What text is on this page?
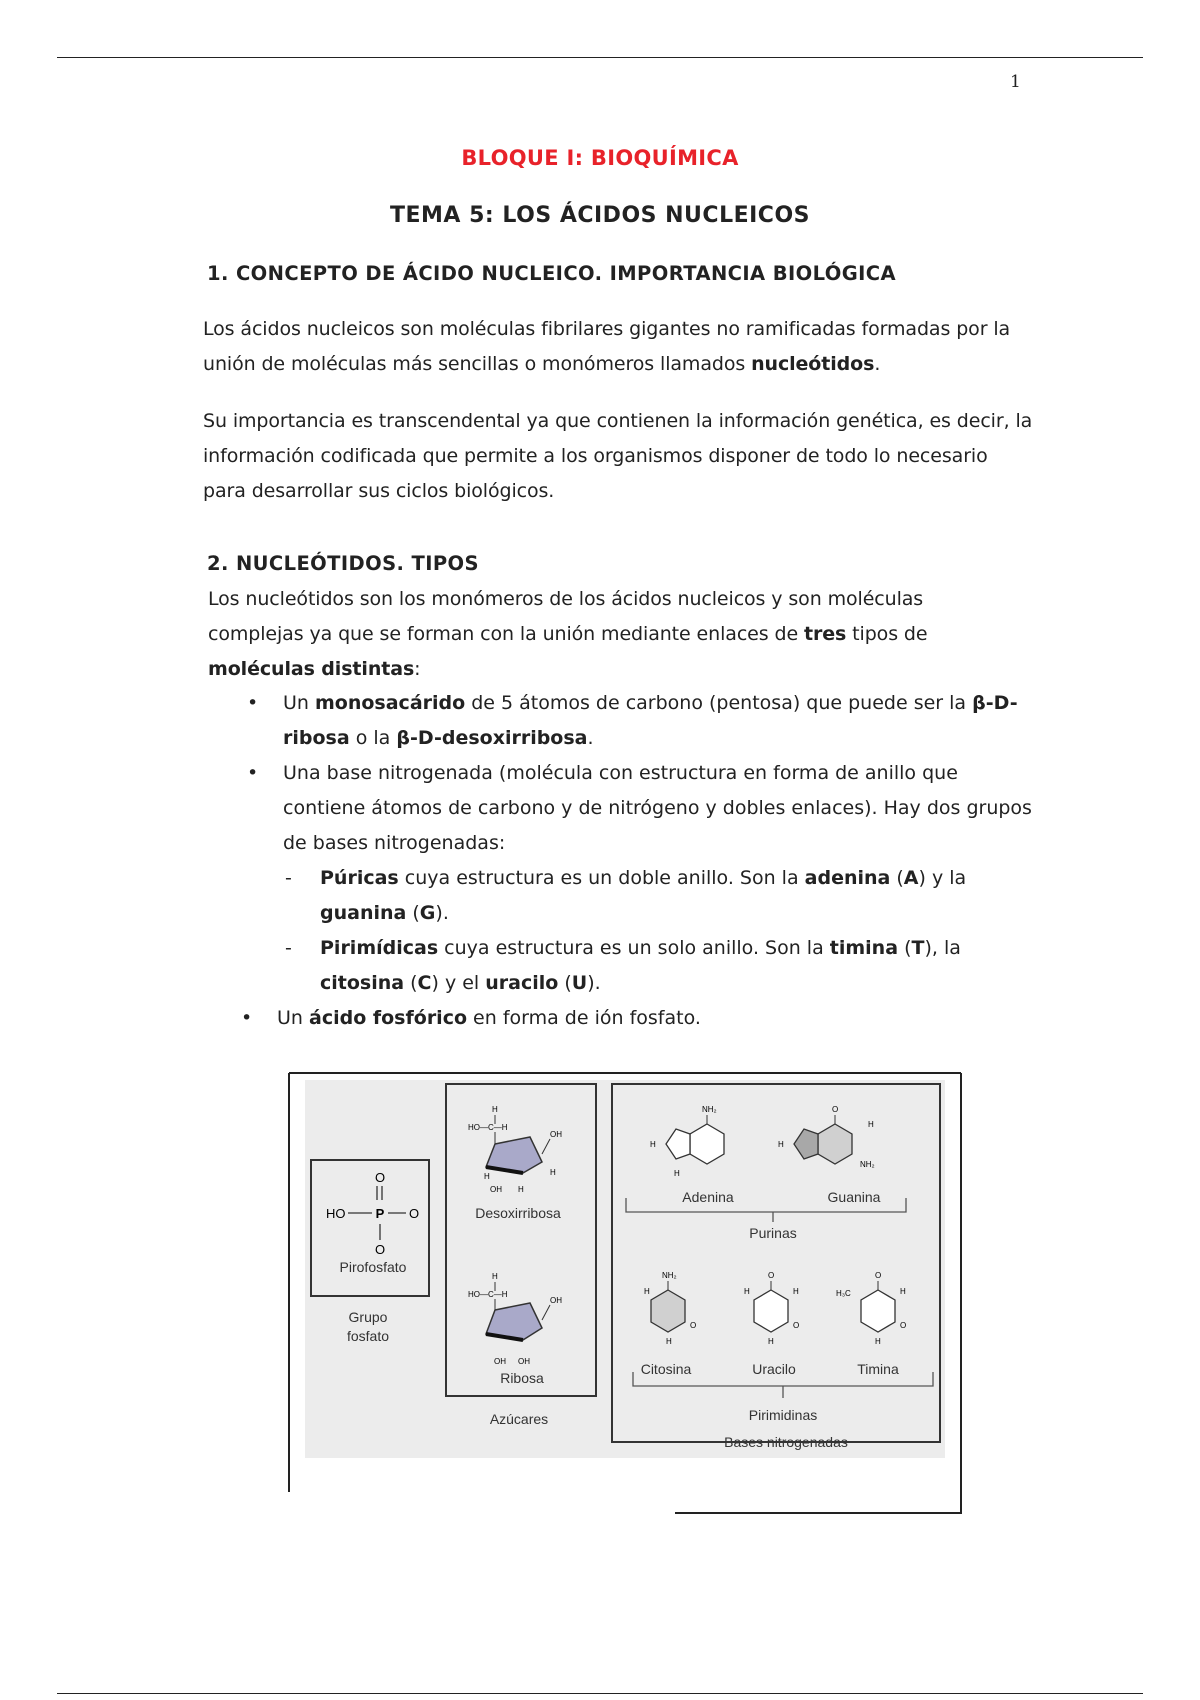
1
BLOQUE I: BIOQUÍMICA
TEMA 5: LOS ÁCIDOS NUCLEICOS
1. CONCEPTO DE ÁCIDO NUCLEICO. IMPORTANCIA BIOLÓGICA
Los ácidos nucleicos son moléculas fibrilares gigantes no ramificadas formadas por la unión de moléculas más sencillas o monómeros llamados nucleótidos.
Su importancia es transcendental ya que contienen la información genética, es decir, la información codificada que permite a los organismos disponer de todo lo necesario para desarrollar sus ciclos biológicos.
2. NUCLEÓTIDOS. TIPOS
Los nucleótidos son los monómeros de los ácidos nucleicos y son moléculas complejas ya que se forman con la unión mediante enlaces de tres tipos de moléculas distintas:
• Un monosacárido de 5 átomos de carbono (pentosa) que puede ser la β-D-ribosa o la β-D-desoxirribosa.
• Una base nitrogenada (molécula con estructura en forma de anillo que contiene átomos de carbono y de nitrógeno y dobles enlaces). Hay dos grupos de bases nitrogenadas:
- Púricas cuya estructura es un doble anillo. Son la adenina (A) y la guanina (G).
- Pirimídicas cuya estructura es un solo anillo. Son la timina (T), la citosina (C) y el uracilo (U).
• Un ácido fosfórico en forma de ión fosfato.
O
HO P O
O
Pirofosfato
Grupo
fosfato
HO—C—H
H
OH
H	H
OH H
Desoxirribosa
HO—C—H
H
OH
OH OH
Ribosa
Azúcares
NH₂
H
H
O
H
H
NH₂
Adenina	Guanina
Purinas
NH₂
O
H
H
O
O
H	H
H
O
O
H₃C	H
H
Citosina	Uracilo	Timina
Pirimidinas
Bases nitrogenadas
